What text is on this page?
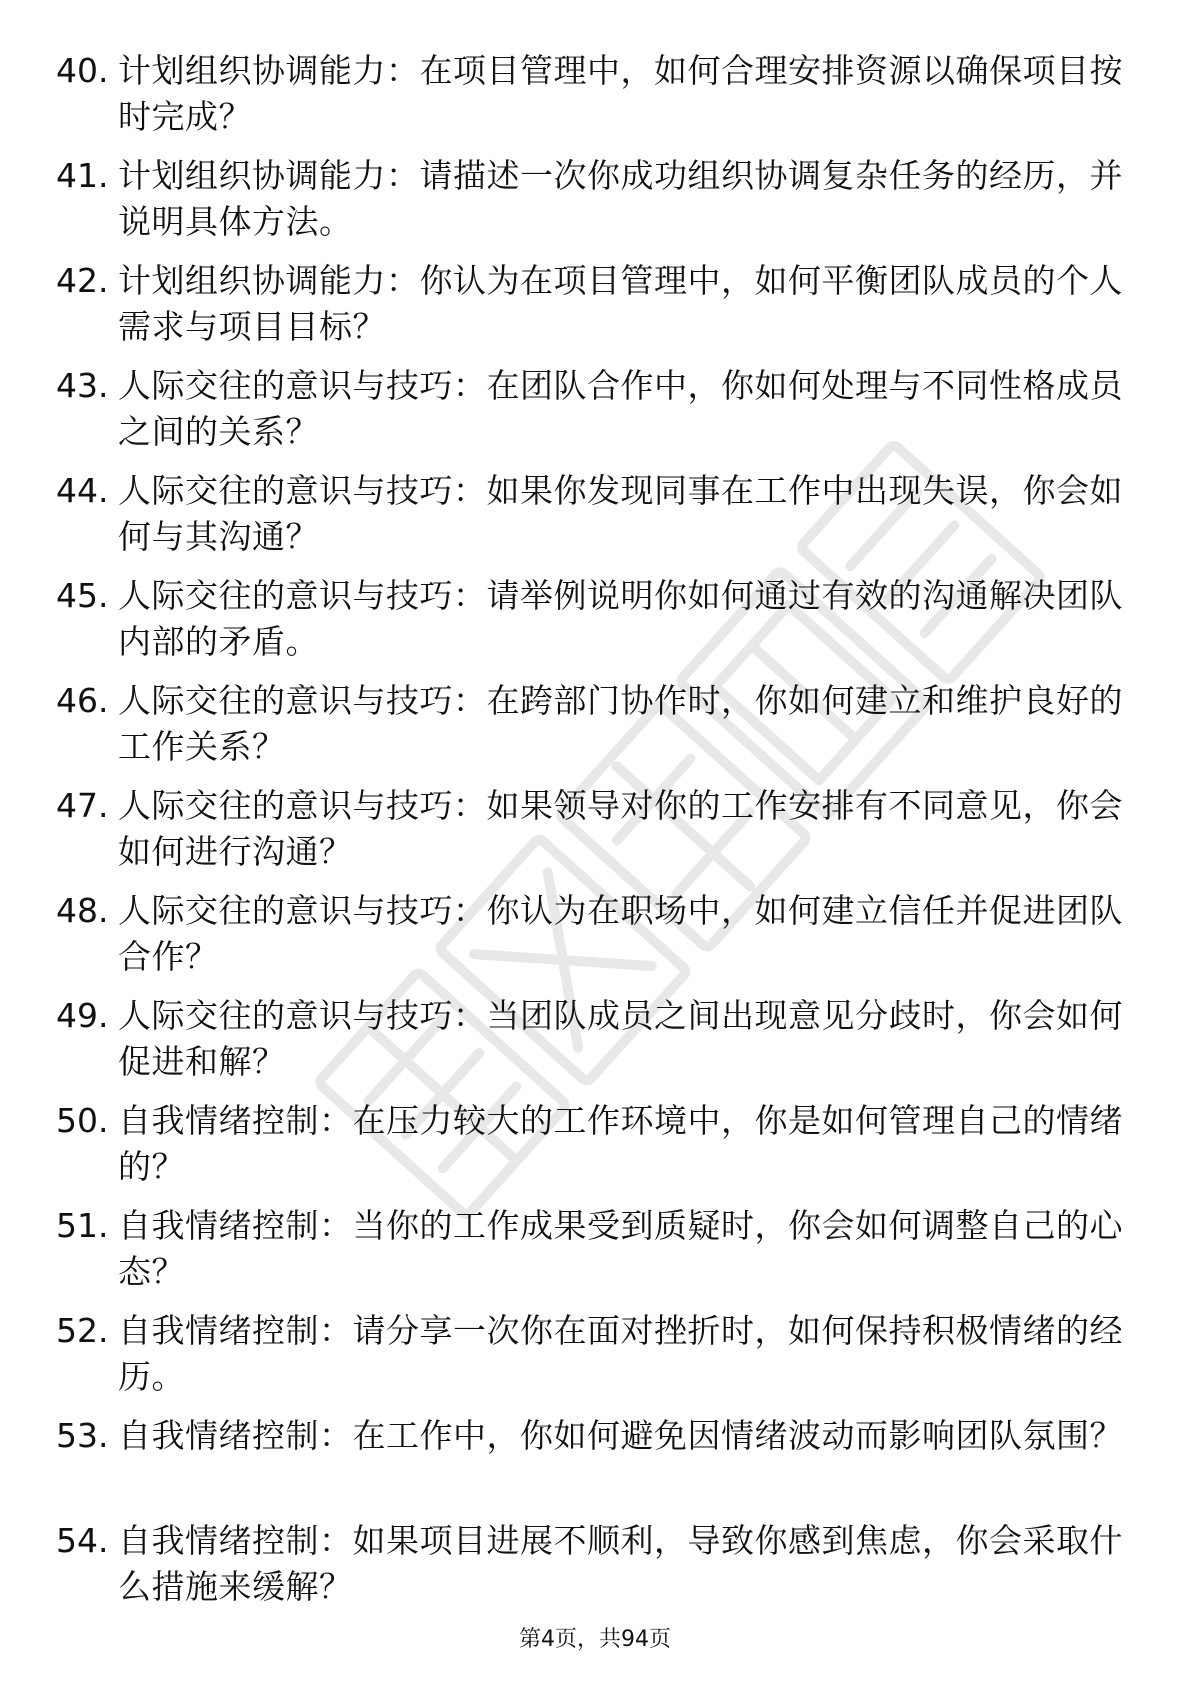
40. 计划组织协调能力：在项目管理中，如何合理安排资源以确保项目按时完成？
41. 计划组织协调能力：请描述一次你成功组织协调复杂任务的经历，并说明具体方法。
42. 计划组织协调能力：你认为在项目管理中，如何平衡团队成员的个人需求与项目目标？
43. 人际交往的意识与技巧：在团队合作中，你如何处理与不同性格成员之间的关系？
44. 人际交往的意识与技巧：如果你发现同事在工作中出现失误，你会如何与其沟通？
45. 人际交往的意识与技巧：请举例说明你如何通过有效的沟通解决团队内部的矛盾。
46. 人际交往的意识与技巧：在跨部门协作时，你如何建立和维护良好的工作关系？
47. 人际交往的意识与技巧：如果领导对你的工作安排有不同意见，你会如何进行沟通？
48. 人际交往的意识与技巧：你认为在职场中，如何建立信任并促进团队合作？
49. 人际交往的意识与技巧：当团队成员之间出现意见分歧时，你会如何促进和解？
50. 自我情绪控制：在压力较大的工作环境中，你是如何管理自己的情绪的？
51. 自我情绪控制：当你的工作成果受到质疑时，你会如何调整自己的心态？
52. 自我情绪控制：请分享一次你在面对挫折时，如何保持积极情绪的经历。
53. 自我情绪控制：在工作中，你如何避免因情绪波动而影响团队氛围？
54. 自我情绪控制：如果项目进展不顺利，导致你感到焦虑，你会采取什么措施来缓解？
第4页，共94页
